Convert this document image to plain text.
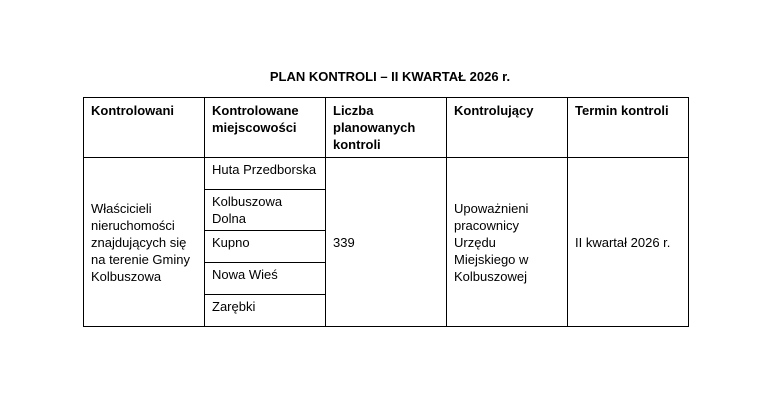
PLAN KONTROLI – II KWARTAŁ 2026 r.
Kontrolowani	Kontrolowane miejscowości	Liczba planowanych kontroli	Kontrolujący	Termin kontroli
Właścicieli nieruchomości znajdujących się na terenie Gminy Kolbuszowa	Huta Przedborska	339	Upoważnieni pracownicy Urzędu Miejskiego w Kolbuszowej	II kwartał 2026 r.
	Kolbuszowa Dolna			
	Kupno			
	Nowa Wieś			
	Zarębki			
